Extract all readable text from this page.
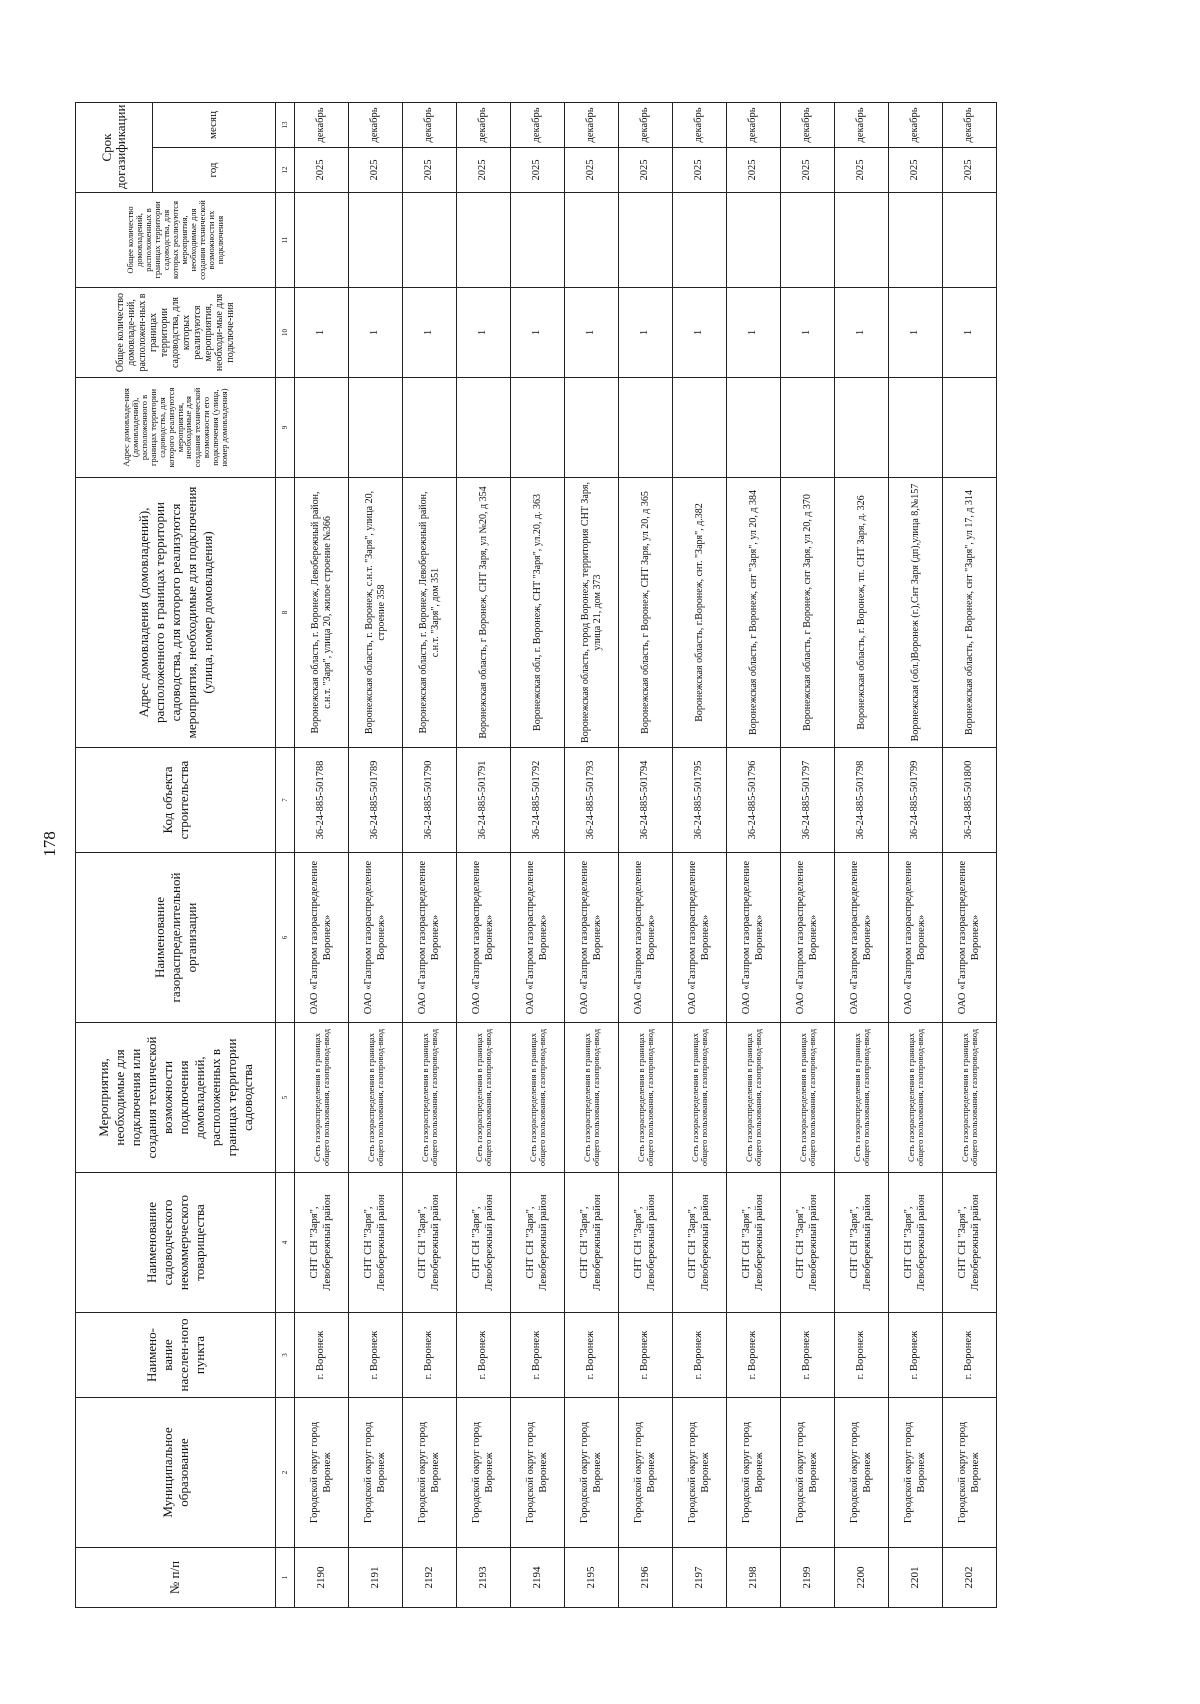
178
№ п/п	Муниципальное образование	Наимено-вание населен-ного пункта	Наименование садоводческого некоммерческого товарищества	Мероприятия, необходимые для подключения или создания технической возможности подключения домовладений, расположенных в границах территории садоводства	Наименование газораспределительной организации	Код объекта строительства	Адрес домовладения (домовладений), расположенного в границах территории садоводства, для которого реализуются мероприятия, необходимые для подключения (улица, номер домовладения)	Адрес домовладе-ния (домовладений), расположенного в границах территории садоводства, для которого реализуются мероприятия, необходимые для создания технической возможности его подключения (улица, номер домовладения)	Общее количество домовладе-ний, расположен-ных в границах территории садоводства, для которых реализуются мероприятия, необходи-мые для подключе-ния	Общее количество домовладений, расположенных в границах территории садоводства, для которых реализуются мероприятия, необходимые для создания технической возможности их подключения	Срок догазификации	
											год	месяц
1	2	3	4	5	6	7	8	9	10	11	12	13
2190	Городской округ город Воронеж	г. Воронеж	СНТ СН "Заря", Левобережный район	Сеть газораспределения в границах общего пользования, газопровод-ввод	ОАО «Газпром газораспределение Воронеж»	36-24-885-501788	Воронежская область, г. Воронеж, Левобережный район, с.н.т. "Заря", улица 20, жилое строение №366		1		2025	декабрь
2191	Городской округ город Воронеж	г. Воронеж	СНТ СН "Заря", Левобережный район	Сеть газораспределения в границах общего пользования, газопровод-ввод	ОАО «Газпром газораспределение Воронеж»	36-24-885-501789	Воронежская область, г. Воронеж, с.н.т. "Заря", улица 20, строение 358		1		2025	декабрь
2192	Городской округ город Воронеж	г. Воронеж	СНТ СН "Заря", Левобережный район	Сеть газораспределения в границах общего пользования, газопровод-ввод	ОАО «Газпром газораспределение Воронеж»	36-24-885-501790	Воронежская область, г. Воронеж, Левобережный район, с.н.т. "Заря", дом 351		1		2025	декабрь
2193	Городской округ город Воронеж	г. Воронеж	СНТ СН "Заря", Левобережный район	Сеть газораспределения в границах общего пользования, газопровод-ввод	ОАО «Газпром газораспределение Воронеж»	36-24-885-501791	Воронежская область, г Воронеж, СНТ Заря, ул №20, д 354		1		2025	декабрь
2194	Городской округ город Воронеж	г. Воронеж	СНТ СН "Заря", Левобережный район	Сеть газораспределения в границах общего пользования, газопровод-ввод	ОАО «Газпром газораспределение Воронеж»	36-24-885-501792	Воронежская обл, г. Воронеж, СНТ "Заря", ул.20, д. 363		1		2025	декабрь
2195	Городской округ город Воронеж	г. Воронеж	СНТ СН "Заря", Левобережный район	Сеть газораспределения в границах общего пользования, газопровод-ввод	ОАО «Газпром газораспределение Воронеж»	36-24-885-501793	Воронежская область, город Воронеж, территория СНТ Заря, улица 21, дом 373		1		2025	декабрь
2196	Городской округ город Воронеж	г. Воронеж	СНТ СН "Заря", Левобережный район	Сеть газораспределения в границах общего пользования, газопровод-ввод	ОАО «Газпром газораспределение Воронеж»	36-24-885-501794	Воронежская область, г Воронеж, СНТ Заря, ул 20, д 365		1		2025	декабрь
2197	Городской округ город Воронеж	г. Воронеж	СНТ СН "Заря", Левобережный район	Сеть газораспределения в границах общего пользования, газопровод-ввод	ОАО «Газпром газораспределение Воронеж»	36-24-885-501795	Воронежская область, г.Воронеж, снт. "Заря", д.382		1		2025	декабрь
2198	Городской округ город Воронеж	г. Воронеж	СНТ СН "Заря", Левобережный район	Сеть газораспределения в границах общего пользования, газопровод-ввод	ОАО «Газпром газораспределение Воронеж»	36-24-885-501796	Воронежская область, г Воронеж, снт "Заря", ул 20, д 384		1		2025	декабрь
2199	Городской округ город Воронеж	г. Воронеж	СНТ СН "Заря", Левобережный район	Сеть газораспределения в границах общего пользования, газопровод-ввод	ОАО «Газпром газораспределение Воронеж»	36-24-885-501797	Воронежская область, г Воронеж, снт Заря, ул 20, д 370		1		2025	декабрь
2200	Городской округ город Воронеж	г. Воронеж	СНТ СН "Заря", Левобережный район	Сеть газораспределения в границах общего пользования, газопровод-ввод	ОАО «Газпром газораспределение Воронеж»	36-24-885-501798	Воронежская область, г. Воронеж, тп. СНТ Заря, д. 326		1		2025	декабрь
2201	Городской округ город Воронеж	г. Воронеж	СНТ СН "Заря", Левобережный район	Сеть газораспределения в границах общего пользования, газопровод-ввод	ОАО «Газпром газораспределение Воронеж»	36-24-885-501799	Воронежская (обл.)Воронеж (г.),Снт Заря (дп),улица 8,№157		1		2025	декабрь
2202	Городской округ город Воронеж	г. Воронеж	СНТ СН "Заря", Левобережный район	Сеть газораспределения в границах общего пользования, газопровод-ввод	ОАО «Газпром газораспределение Воронеж»	36-24-885-501800	Воронежская область, г Воронеж, снт "Заря", ул 17, д 314		1		2025	декабрь
